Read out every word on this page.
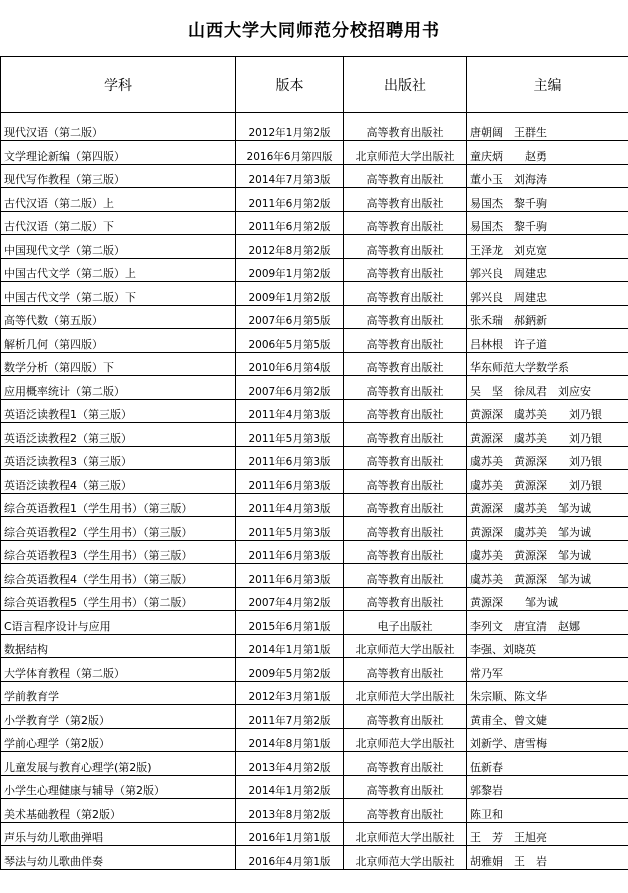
山西大学大同师范分校招聘用书
学科	版本	出版社	主编
现代汉语（第二版）	2012年1月第2版	高等教育出版社	唐朝阔　王群生
文学理论新编（第四版）	2016年6月第四版	北京师范大学出版社	童庆炳　　赵勇
现代写作教程（第三版）	2014年7月第3版	高等教育出版社	董小玉　刘海涛
古代汉语（第二版）上	2011年6月第2版	高等教育出版社	易国杰　黎千驹
古代汉语（第二版）下	2011年6月第2版	高等教育出版社	易国杰　黎千驹
中国现代文学（第二版）	2012年8月第2版	高等教育出版社	王泽龙　刘克宽
中国古代文学（第二版）上	2009年1月第2版	高等教育出版社	郭兴良　周建忠
中国古代文学（第二版）下	2009年1月第2版	高等教育出版社	郭兴良　周建忠
高等代数（第五版）	2007年6月第5版	高等教育出版社	张禾瑞　郝鈵新
解析几何（第四版）	2006年5月第5版	高等教育出版社	吕林根　许子道
数学分析（第四版）下	2010年6月第4版	高等教育出版社	华东师范大学数学系
应用概率统计（第二版）	2007年6月第2版	高等教育出版社	吴　坚　徐凤君　刘应安
英语泛读教程1（第三版）	2011年4月第3版	高等教育出版社	黄源深　虞苏美　　刘乃银
英语泛读教程2（第三版）	2011年5月第3版	高等教育出版社	黄源深　虞苏美　　刘乃银
英语泛读教程3（第三版）	2011年6月第3版	高等教育出版社	虞苏美　黄源深　　刘乃银
英语泛读教程4（第三版）	2011年6月第3版	高等教育出版社	虞苏美　黄源深　　刘乃银
综合英语教程1（学生用书）（第三版）	2011年4月第3版	高等教育出版社	黄源深　虞苏美　邹为诚
综合英语教程2（学生用书）（第三版）	2011年5月第3版	高等教育出版社	黄源深　虞苏美　邹为诚
综合英语教程3（学生用书）（第三版）	2011年6月第3版	高等教育出版社	虞苏美　黄源深　邹为诚
综合英语教程4（学生用书）（第三版）	2011年6月第3版	高等教育出版社	虞苏美　黄源深　邹为诚
综合英语教程5（学生用书）（第二版）	2007年4月第2版	高等教育出版社	黄源深　　邹为诚
C语言程序设计与应用	2015年6月第1版	电子出版社	李列文　唐宜清　赵娜
数据结构	2014年1月第1版	北京师范大学出版社	李强、刘晓英
大学体育教程（第二版）	2009年5月第2版	高等教育出版社	常乃军
学前教育学	2012年3月第1版	北京师范大学出版社	朱宗顺、陈文华
小学教育学（第2版）	2011年7月第2版	高等教育出版社	黄甫全、曾文婕
学前心理学（第2版）	2014年8月第1版	北京师范大学出版社	刘新学、唐雪梅
儿童发展与教育心理学(第2版)	2013年4月第2版	高等教育出版社	伍新春
小学生心理健康与辅导（第2版）	2014年1月第2版	高等教育出版社	郭黎岩
美术基础教程（第2版）	2013年8月第2版	高等教育出版社	陈卫和
声乐与幼儿歌曲弹唱	2016年1月第1版	北京师范大学出版社	王　芳　王旭亮
琴法与幼儿歌曲伴奏	2016年4月第1版	北京师范大学出版社	胡雅娟　王　岩
